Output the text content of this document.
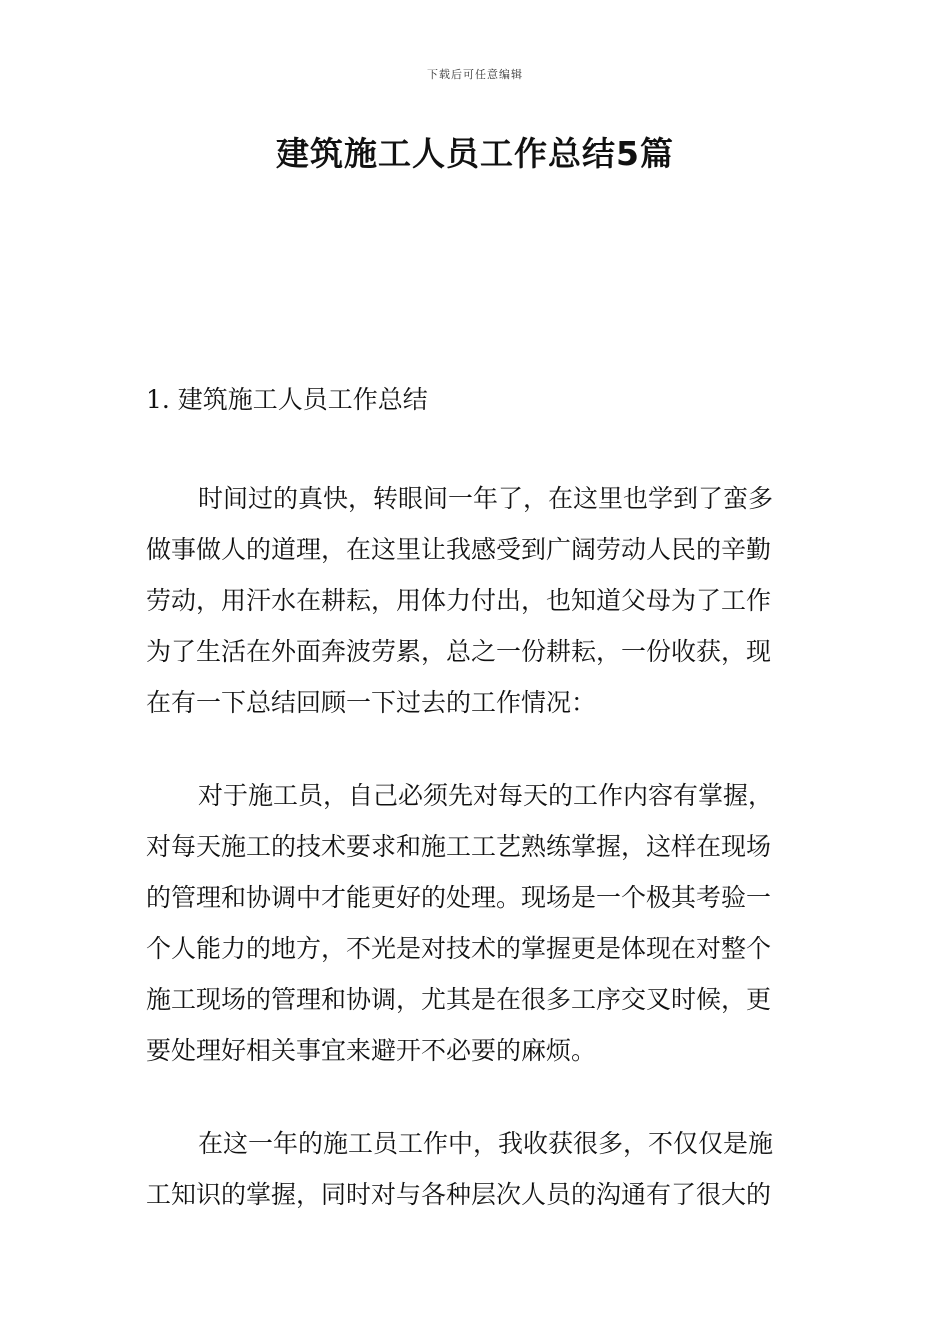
下载后可任意编辑
建筑施工人员工作总结5篇
1. 建筑施工人员工作总结

时间过的真快，转眼间一年了，在这里也学到了蛮多
做事做人的道理，在这里让我感受到广阔劳动人民的辛勤
劳动，用汗水在耕耘，用体力付出，也知道父母为了工作
为了生活在外面奔波劳累，总之一份耕耘，一份收获，现
在有一下总结回顾一下过去的工作情况：

对于施工员，自己必须先对每天的工作内容有掌握，
对每天施工的技术要求和施工工艺熟练掌握，这样在现场
的管理和协调中才能更好的处理。现场是一个极其考验一
个人能力的地方，不光是对技术的掌握更是体现在对整个
施工现场的管理和协调，尤其是在很多工序交叉时候，更
要处理好相关事宜来避开不必要的麻烦。

在这一年的施工员工作中，我收获很多，不仅仅是施
工知识的掌握，同时对与各种层次人员的沟通有了很大的
